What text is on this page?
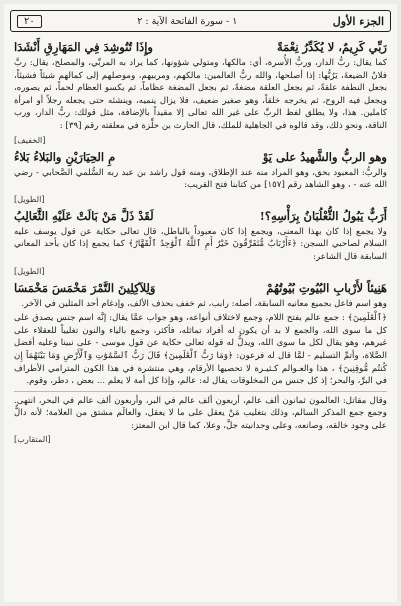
الجزء الأول
١ - سورة الفاتحة الآية : ٢
٢٠
رَبِّي كَرِيمٌ، لا يُكَدِّرُ نِعْمَةً
وإِذَا تُنُوشِدَ فِي المَهَارِقِ أَنْشَدَا

كما يقال: ربُّ الدار، وربُّ الأُسرة، أي: مالكها، ومتولي شؤونها، كما يراد به المربِّي، والمصلح، يقال: ربَّ فلانٌ الضيعةَ، يَرُبُّها: إذا أصلحها، والله ربُّ العالمين: مالكهم، ومربيهم، وموصلهم إلى كمالهم شيئاً فشيئاً، بجعل النطفة علقةً، ثم بجعل العلقة مضغةً، ثم بجعل المضغة عظاماً، ثم يكسو العظام لحماً، ثم يصوره، ويجعل فيه الروح، ثم يخرجه خلقاً، وهو صغير ضعيف، فلا يزال ينميه، وينشئه حتى يجعله رجلاً أو امرأة كاملين. هذا، ولا يطلق لفظ الربِّ على غير الله تعالى إلا مقيداً بالإضافة، مثل قولك: ربُّ الدار، ورب الناقة، ونحو ذلك، وقد قالوه في الجاهلية للملك، قال الحارث بن حلِّزة في معلقته رقم [٣٩] :

[الخفيف]
وهو الربُّ والشَّهيدُ على يَوْ
مِ الحِيَارَيْنِ والبَلاءُ بَلاءُ

والربُّ: المعبود بحق، وهو المراد منه عند الإطلاق، ومنه قول راشد بن عبد ربه السُّلمي الصَّحابي - رضي الله عنه - ، وهو الشاهد رقم [١٥٧] من كتابنا فتح القريب:

[الطويل]
أَرَبٌّ يَبُولُ الثُّعْلُبَانُ بِرَأْسِهِ؟!
لَقَدْ ذَلَّ مَنْ بَالَتْ عَلَيْهِ الثَّعَالِبُ

ولا يجمع إذا كان بهذا المعنى، ويجمع إذا كان معبوداً بالباطل، قال تعالى حكاية عن قول يوسف عليه السلام لصاحبي السجن: ﴿ءَأَرْبَابٌ مُّتَفَرِّقُونَ خَيْرٌ أَمِ ٱللَّهُ ٱلْوَٰحِدُ ٱلْقَهَّارُ﴾ كما يجمع إذا كان بأحد المعاني السابقة قال الشاعر:

[الطويل]
هَنِيئاً لأَرْبابِ البُيُوتِ بُيُوتُهُمْ
وَلِلآكِلِينَ التَّمْرَ مَخْمَسَ مَخْمَسَا

وهو اسم فاعل بجميع معانيه السابقة، أصله: رابب، ثم خفف بحذف الألف، وإدغام أحد المثلين في الآخر.

﴿ٱلْعَٰلَمِينَ﴾ : جمع عالم بفتح اللام، وجمع لاختلاف أنواعه، وهو جواب عمَّا يقال: إنَّه اسم جنس يصدق على كل ما سوى الله، والجمع لا بد أن يكون له أفراد تماثله، فأكثر، وجمع بالياء والنون تغليباً للعقلاء على غيرهم، وهو يقال لكل ما سوى الله، ويدلُّ له قوله تعالى حكاية عن قول موسى - على نبينا وعليه أفضل الصَّلاة، وأتمِّ التسليم - لمَّا قال له فرعون: ﴿وَمَا رَبُّ ٱلْعَٰلَمِينَ﴾ قَالَ رَبُّ ٱلسَّمَٰوَٰتِ وَٱلْأَرْضِ وَمَا بَيْنَهُمَآ إِن كُنتُم مُّوقِنِينَ﴾ ، هذا والعـوالم كـثيـرة لا تحصيها الأرقام، وهي منتشرة في هذا الكون المترامي الأطراف في البرِّ، والبحر؛ إذ كل جنس من المخلوقات يقال له: عالم، وإذا كل أمة لا يعلم ... بعض ، دطر، وقوم.

وقال مقاتل: العالمون ثمانون ألف عالم، أربعون ألف عالم في البر، وأربعون ألف عالم في البحر، انتهى. وجمع جمع المذكر السالم، وذلك بتغليب مَنْ يعقل على ما لا يعقل، والعالَم مشتق من العلامة؛ لأنه دالٌّ على وجود خالقه، وصانعه، وعلى وحدانيته جلَّ، وعلا، كما قال ابن المعتز:

[المتقارب]
